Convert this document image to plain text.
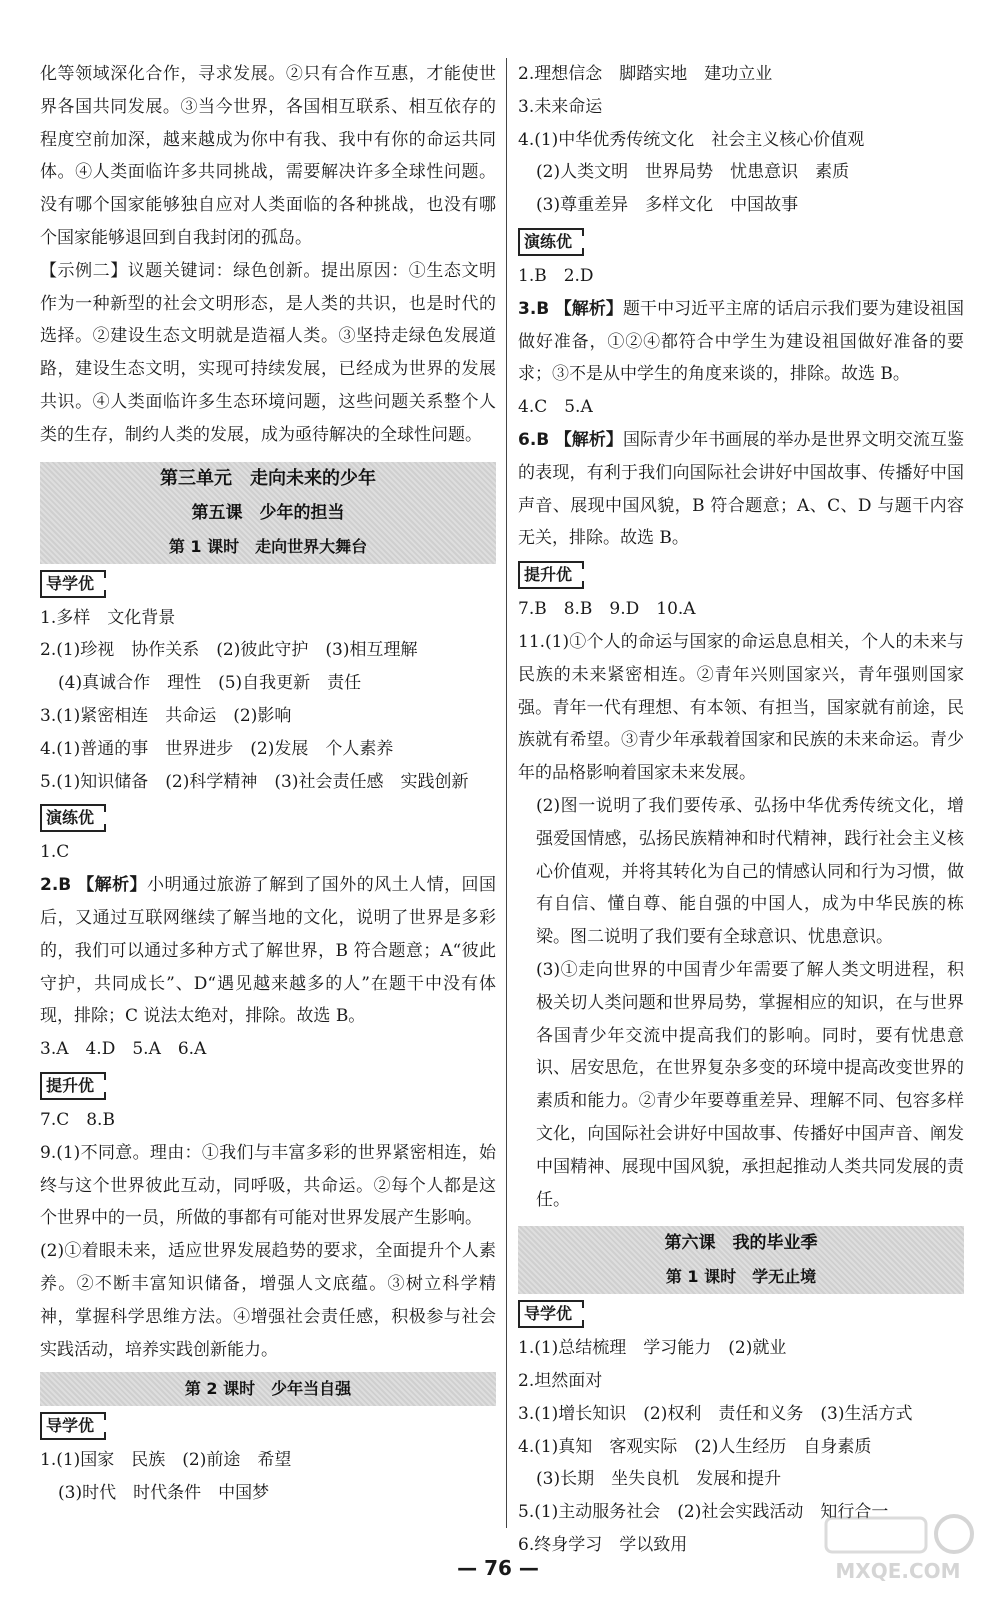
化等领域深化合作，寻求发展。②只有合作互惠，才能使世界各国共同发展。③当今世界，各国相互联系、相互依存的程度空前加深，越来越成为你中有我、我中有你的命运共同体。④人类面临许多共同挑战，需要解决许多全球性问题。没有哪个国家能够独自应对人类面临的各种挑战，也没有哪个国家能够退回到自我封闭的孤岛。

【示例二】议题关键词：绿色创新。提出原因：①生态文明作为一种新型的社会文明形态，是人类的共识，也是时代的选择。②建设生态文明就是造福人类。③坚持走绿色发展道路，建设生态文明，实现可持续发展，已经成为世界的发展共识。④人类面临许多生态环境问题，这些问题关系整个人类的生存，制约人类的发展，成为亟待解决的全球性问题。

第三单元　走向未来的少年
第五课　少年的担当
第 1 课时　走向世界大舞台
导学优

1.多样　文化背景

2.(1)珍视　协作关系　(2)彼此守护　(3)相互理解

(4)真诚合作　理性　(5)自我更新　责任

3.(1)紧密相连　共命运　(2)影响

4.(1)普通的事　世界进步　(2)发展　个人素养

5.(1)知识储备　(2)科学精神　(3)社会责任感　实践创新

演练优

1.C

2.B 【解析】小明通过旅游了解到了国外的风土人情，回国后，又通过互联网继续了解当地的文化，说明了世界是多彩的，我们可以通过多种方式了解世界，B 符合题意；A“彼此守护，共同成长”、D“遇见越来越多的人”在题干中没有体现，排除；C 说法太绝对，排除。故选 B。

3.A　4.D　5.A　6.A

提升优

7.C　8.B

9.(1)不同意。理由：①我们与丰富多彩的世界紧密相连，始终与这个世界彼此互动，同呼吸，共命运。②每个人都是这个世界中的一员，所做的事都有可能对世界发展产生影响。

(2)①着眼未来，适应世界发展趋势的要求，全面提升个人素养。②不断丰富知识储备，增强人文底蕴。③树立科学精神，掌握科学思维方法。④增强社会责任感，积极参与社会实践活动，培养实践创新能力。

第 2 课时　少年当自强
导学优

1.(1)国家　民族　(2)前途　希望

(3)时代　时代条件　中国梦

2.理想信念　脚踏实地　建功立业

3.未来命运

4.(1)中华优秀传统文化　社会主义核心价值观

(2)人类文明　世界局势　忧患意识　素质

(3)尊重差异　多样文化　中国故事

演练优

1.B　2.D

3.B 【解析】题干中习近平主席的话启示我们要为建设祖国做好准备，①②④都符合中学生为建设祖国做好准备的要求；③不是从中学生的角度来谈的，排除。故选 B。

4.C　5.A

6.B 【解析】国际青少年书画展的举办是世界文明交流互鉴的表现，有利于我们向国际社会讲好中国故事、传播好中国声音、展现中国风貌，B 符合题意；A、C、D 与题干内容无关，排除。故选 B。

提升优

7.B　8.B　9.D　10.A

11.(1)①个人的命运与国家的命运息息相关，个人的未来与民族的未来紧密相连。②青年兴则国家兴，青年强则国家强。青年一代有理想、有本领、有担当，国家就有前途，民族就有希望。③青少年承载着国家和民族的未来命运。青少年的品格影响着国家未来发展。

(2)图一说明了我们要传承、弘扬中华优秀传统文化，增强爱国情感，弘扬民族精神和时代精神，践行社会主义核心价值观，并将其转化为自己的情感认同和行为习惯，做有自信、懂自尊、能自强的中国人，成为中华民族的栋梁。图二说明了我们要有全球意识、忧患意识。

(3)①走向世界的中国青少年需要了解人类文明进程，积极关切人类问题和世界局势，掌握相应的知识，在与世界各国青少年交流中提高我们的影响。同时，要有忧患意识、居安思危，在世界复杂多变的环境中提高改变世界的素质和能力。②青少年要尊重差异、理解不同、包容多样文化，向国际社会讲好中国故事、传播好中国声音、阐发中国精神、展现中国风貌，承担起推动人类共同发展的责任。

第六课　我的毕业季
第 1 课时　学无止境
导学优

1.(1)总结梳理　学习能力　(2)就业

2.坦然面对

3.(1)增长知识　(2)权利　责任和义务　(3)生活方式

4.(1)真知　客观实际　(2)人生经历　自身素质

(3)长期　坐失良机　发展和提升

5.(1)主动服务社会　(2)社会实践活动　知行合一

6.终身学习　学以致用

— 76 —	MXQE.COM
